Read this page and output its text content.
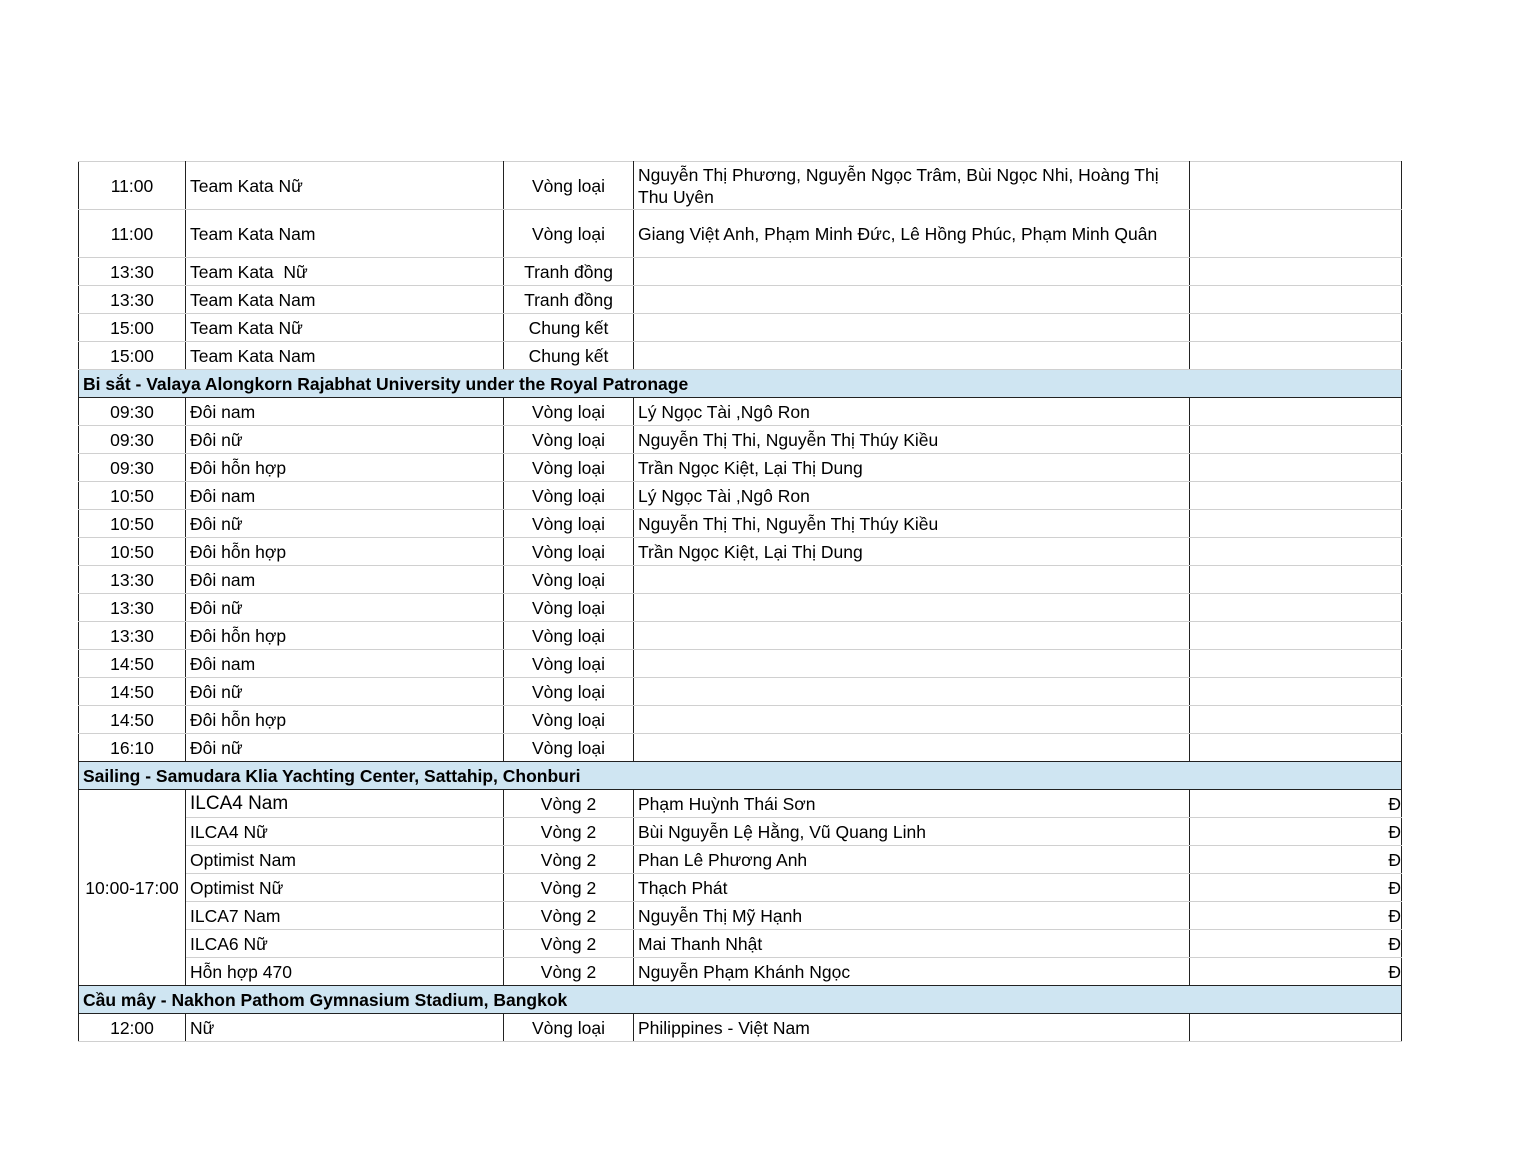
11:00	Team Kata Nữ	Vòng loại	Nguyễn Thị Phương, Nguyễn Ngọc Trâm, Bùi Ngọc Nhi, Hoàng Thị Thu Uyên	
11:00	Team Kata Nam	Vòng loại	Giang Việt Anh, Phạm Minh Đức, Lê Hồng Phúc, Phạm Minh Quân	
13:30	Team Kata  Nữ	Tranh đồng		
13:30	Team Kata Nam	Tranh đồng		
15:00	Team Kata Nữ	Chung kết		
15:00	Team Kata Nam	Chung kết		
Bi sắt - Valaya Alongkorn Rajabhat University under the Royal Patronage				
09:30	Đôi nam	Vòng loại	Lý Ngọc Tài ,Ngô Ron	
09:30	Đôi nữ	Vòng loại	Nguyễn Thị Thi, Nguyễn Thị Thúy Kiều	
09:30	Đôi hỗn hợp	Vòng loại	Trần Ngọc Kiệt, Lại Thị Dung	
10:50	Đôi nam	Vòng loại	Lý Ngọc Tài ,Ngô Ron	
10:50	Đôi nữ	Vòng loại	Nguyễn Thị Thi, Nguyễn Thị Thúy Kiều	
10:50	Đôi hỗn hợp	Vòng loại	Trần Ngọc Kiệt, Lại Thị Dung	
13:30	Đôi nam	Vòng loại		
13:30	Đôi nữ	Vòng loại		
13:30	Đôi hỗn hợp	Vòng loại		
14:50	Đôi nam	Vòng loại		
14:50	Đôi nữ	Vòng loại		
14:50	Đôi hỗn hợp	Vòng loại		
16:10	Đôi nữ	Vòng loại		
Sailing - Samudara Klia Yachting Center, Sattahip, Chonburi				
10:00-17:00	ILCA4 Nam	Vòng 2	Phạm Huỳnh Thái Sơn	Đ
	ILCA4 Nữ	Vòng 2	Bùi Nguyễn Lệ Hằng, Vũ Quang Linh	Đ
	Optimist Nam	Vòng 2	Phan Lê Phương Anh	Đ
	Optimist Nữ	Vòng 2	Thạch Phát	Đ
	ILCA7 Nam	Vòng 2	Nguyễn Thị Mỹ Hạnh	Đ
	ILCA6 Nữ	Vòng 2	Mai Thanh Nhật	Đ
	Hỗn hợp 470	Vòng 2	Nguyễn Phạm Khánh Ngọc	Đ
Cầu mây - Nakhon Pathom Gymnasium Stadium, Bangkok				
12:00	Nữ	Vòng loại	Philippines - Việt Nam	
